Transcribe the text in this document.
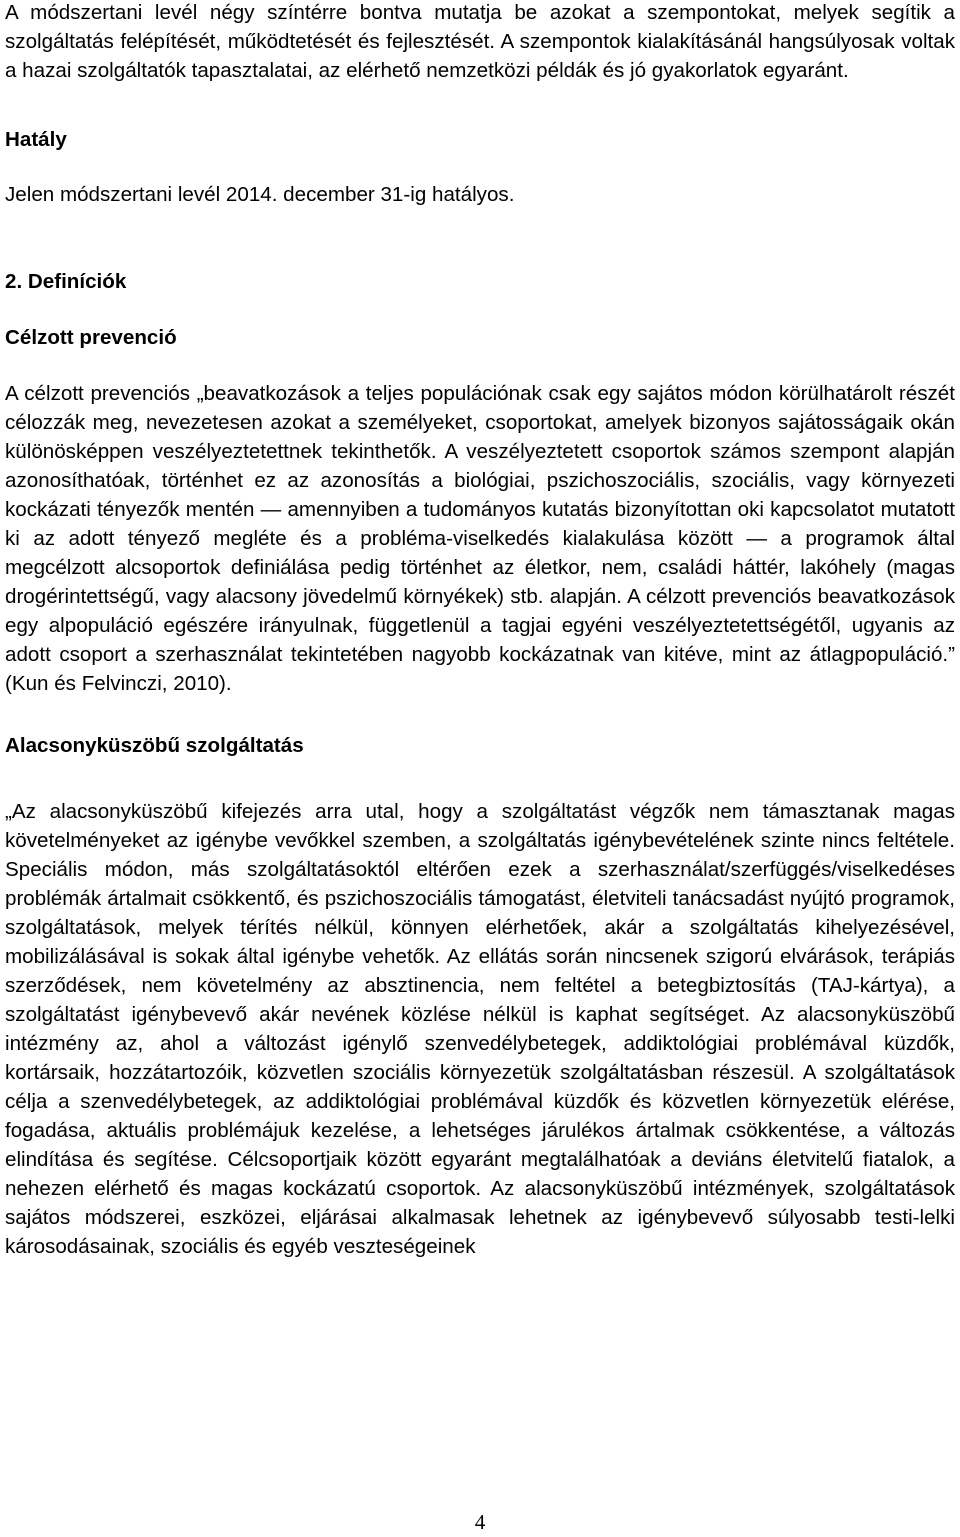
A módszertani levél négy színtérre bontva mutatja be azokat a szempontokat, melyek segítik a szolgáltatás felépítését, működtetését és fejlesztését. A szempontok kialakításánál hangsúlyosak voltak a hazai szolgáltatók tapasztalatai, az elérhető nemzetközi példák és jó gyakorlatok egyaránt.

Hatály

Jelen módszertani levél 2014. december 31-ig hatályos.

2. Definíciók
Célzott prevenció

A célzott prevenciós „beavatkozások a teljes populációnak csak egy sajátos módon körülhatárolt részét célozzák meg, nevezetesen azokat a személyeket, csoportokat, amelyek bizonyos sajátosságaik okán különösképpen veszélyeztetettnek tekinthetők. A veszélyeztetett csoportok számos szempont alapján azonosíthatóak, történhet ez az azonosítás a biológiai, pszichoszociális, szociális, vagy környezeti kockázati tényezők mentén — amennyiben a tudományos kutatás bizonyítottan oki kapcsolatot mutatott ki az adott tényező megléte és a probléma-viselkedés kialakulása között — a programok által megcélzott alcsoportok definiálása pedig történhet az életkor, nem, családi háttér, lakóhely (magas drogérintettségű, vagy alacsony jövedelmű környékek) stb. alapján. A célzott prevenciós beavatkozások egy alpopuláció egészére irányulnak, függetlenül a tagjai egyéni veszélyeztetettségétől, ugyanis az adott csoport a szerhasználat tekintetében nagyobb kockázatnak van kitéve, mint az átlagpopuláció.” (Kun és Felvinczi, 2010).

Alacsonyküszöbű szolgáltatás

„Az alacsonyküszöbű kifejezés arra utal, hogy a szolgáltatást végzők nem támasztanak magas követelményeket az igénybe vevőkkel szemben, a szolgáltatás igénybevételének szinte nincs feltétele. Speciális módon, más szolgáltatásoktól eltérően ezek a szerhasználat/szerfüggés/viselkedéses problémák ártalmait csökkentő, és pszichoszociális támogatást, életviteli tanácsadást nyújtó programok, szolgáltatások, melyek térítés nélkül, könnyen elérhetőek, akár a szolgáltatás kihelyezésével, mobilizálásával is sokak által igénybe vehetők. Az ellátás során nincsenek szigorú elvárások, terápiás szerződések, nem követelmény az absztinencia, nem feltétel a betegbiztosítás (TAJ-kártya), a szolgáltatást igénybevevő akár nevének közlése nélkül is kaphat segítséget. Az alacsonyküszöbű intézmény az, ahol a változást igénylő szenvedélybetegek, addiktológiai problémával küzdők, kortársaik, hozzátartozóik, közvetlen szociális környezetük szolgáltatásban részesül. A szolgáltatások célja a szenvedélybetegek, az addiktológiai problémával küzdők és közvetlen környezetük elérése, fogadása, aktuális problémájuk kezelése, a lehetséges járulékos ártalmak csökkentése, a változás elindítása és segítése. Célcsoportjaik között egyaránt megtalálhatóak a deviáns életvitelű fiatalok, a nehezen elérhető és magas kockázatú csoportok. Az alacsonyküszöbű intézmények, szolgáltatások sajátos módszerei, eszközei, eljárásai alkalmasak lehetnek az igénybevevő súlyosabb testi-lelki károsodásainak, szociális és egyéb veszteségeinek

4
